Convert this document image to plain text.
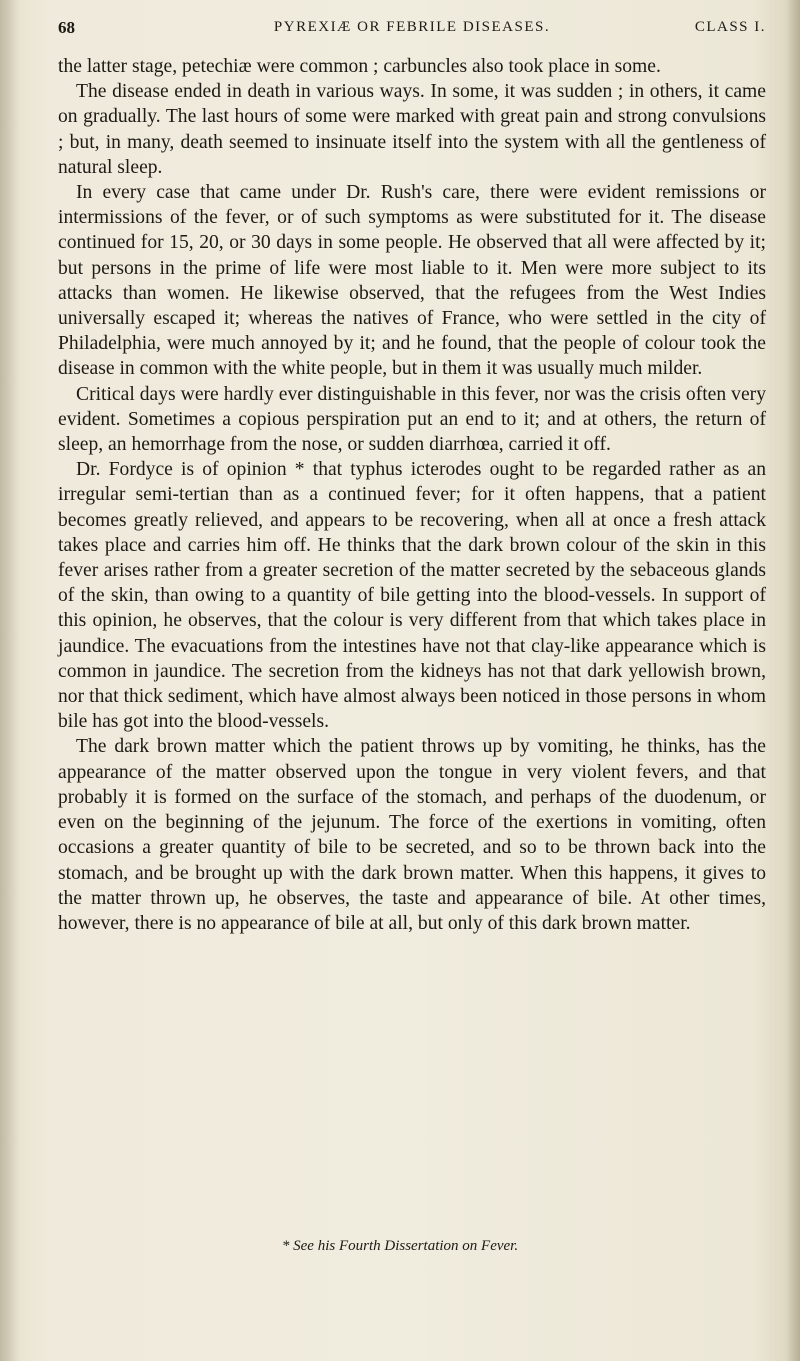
68	PYREXIÆ OR FEBRILE DISEASES.	CLASS I.

the latter stage, petechiæ were common ; carbuncles also took place in some.

The disease ended in death in various ways. In some, it was sudden ; in others, it came on gradually. The last hours of some were marked with great pain and strong convulsions ; but, in many, death seemed to insinuate itself into the system with all the gentleness of natural sleep.

In every case that came under Dr. Rush's care, there were evident remissions or intermissions of the fever, or of such symptoms as were substituted for it. The disease continued for 15, 20, or 30 days in some people. He observed that all were affected by it; but persons in the prime of life were most liable to it. Men were more subject to its attacks than women. He likewise observed, that the refugees from the West Indies universally escaped it; whereas the natives of France, who were settled in the city of Philadelphia, were much annoyed by it; and he found, that the people of colour took the disease in common with the white people, but in them it was usually much milder.

Critical days were hardly ever distinguishable in this fever, nor was the crisis often very evident. Sometimes a copious perspiration put an end to it; and at others, the return of sleep, an hemorrhage from the nose, or sudden diarrhœa, carried it off.

Dr. Fordyce is of opinion * that typhus icterodes ought to be regarded rather as an irregular semi-tertian than as a continued fever; for it often happens, that a patient becomes greatly relieved, and appears to be recovering, when all at once a fresh attack takes place and carries him off. He thinks that the dark brown colour of the skin in this fever arises rather from a greater secretion of the matter secreted by the sebaceous glands of the skin, than owing to a quantity of bile getting into the blood-vessels. In support of this opinion, he observes, that the colour is very different from that which takes place in jaundice. The evacuations from the intestines have not that clay-like appearance which is common in jaundice. The secretion from the kidneys has not that dark yellowish brown, nor that thick sediment, which have almost always been noticed in those persons in whom bile has got into the blood-vessels.

The dark brown matter which the patient throws up by vomiting, he thinks, has the appearance of the matter observed upon the tongue in very violent fevers, and that probably it is formed on the surface of the stomach, and perhaps of the duodenum, or even on the beginning of the jejunum. The force of the exertions in vomiting, often occasions a greater quantity of bile to be secreted, and so to be thrown back into the stomach, and be brought up with the dark brown matter. When this happens, it gives to the matter thrown up, he observes, the taste and appearance of bile. At other times, however, there is no appearance of bile at all, but only of this dark brown matter.

* See his Fourth Dissertation on Fever.
